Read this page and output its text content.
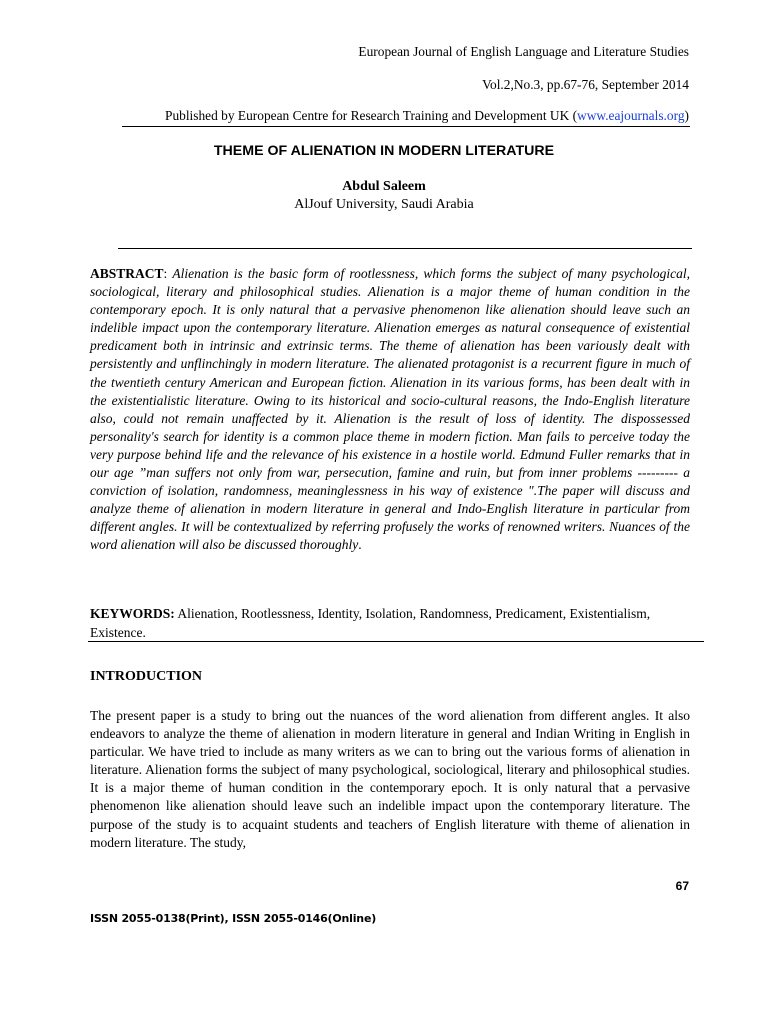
European Journal of English Language and Literature Studies
Vol.2,No.3, pp.67-76, September 2014
Published by European Centre for Research Training and Development UK (www.eajournals.org)
THEME OF ALIENATION IN MODERN LITERATURE
Abdul Saleem
AlJouf University, Saudi Arabia

ABSTRACT: Alienation is the basic form of rootlessness, which forms the subject of many psychological, sociological, literary and philosophical studies. Alienation is a major theme of human condition in the contemporary epoch. It is only natural that a pervasive phenomenon like alienation should leave such an indelible impact upon the contemporary literature. Alienation emerges as natural consequence of existential predicament both in intrinsic and extrinsic terms. The theme of alienation has been variously dealt with persistently and unflinchingly in modern literature. The alienated protagonist is a recurrent figure in much of the twentieth century American and European fiction. Alienation in its various forms, has been dealt with in the existentialistic literature. Owing to its historical and socio-cultural reasons, the Indo-English literature also, could not remain unaffected by it. Alienation is the result of loss of identity. The dispossessed personality's search for identity is a common place theme in modern fiction. Man fails to perceive today the very purpose behind life and the relevance of his existence in a hostile world. Edmund Fuller remarks that in our age ”man suffers not only from war, persecution, famine and ruin, but from inner problems --------- a conviction of isolation, randomness, meaninglessness in his way of existence ".The paper will discuss and analyze theme of alienation in modern literature in general and Indo-English literature in particular from different angles. It will be contextualized by referring profusely the works of renowned writers. Nuances of the word alienation will also be discussed thoroughly.

KEYWORDS: Alienation, Rootlessness, Identity, Isolation, Randomness, Predicament, Existentialism, Existence.

INTRODUCTION

The present paper is a study to bring out the nuances of the word alienation from different angles. It also endeavors to analyze the theme of alienation in modern literature in general and Indian Writing in English in particular. We have tried to include as many writers as we can to bring out the various forms of alienation in literature. Alienation forms the subject of many psychological, sociological, literary and philosophical studies. It is a major theme of human condition in the contemporary epoch. It is only natural that a pervasive phenomenon like alienation should leave such an indelible impact upon the contemporary literature. The purpose of the study is to acquaint students and teachers of English literature with theme of alienation in modern literature. The study,

67
ISSN 2055-0138(Print), ISSN 2055-0146(Online)
